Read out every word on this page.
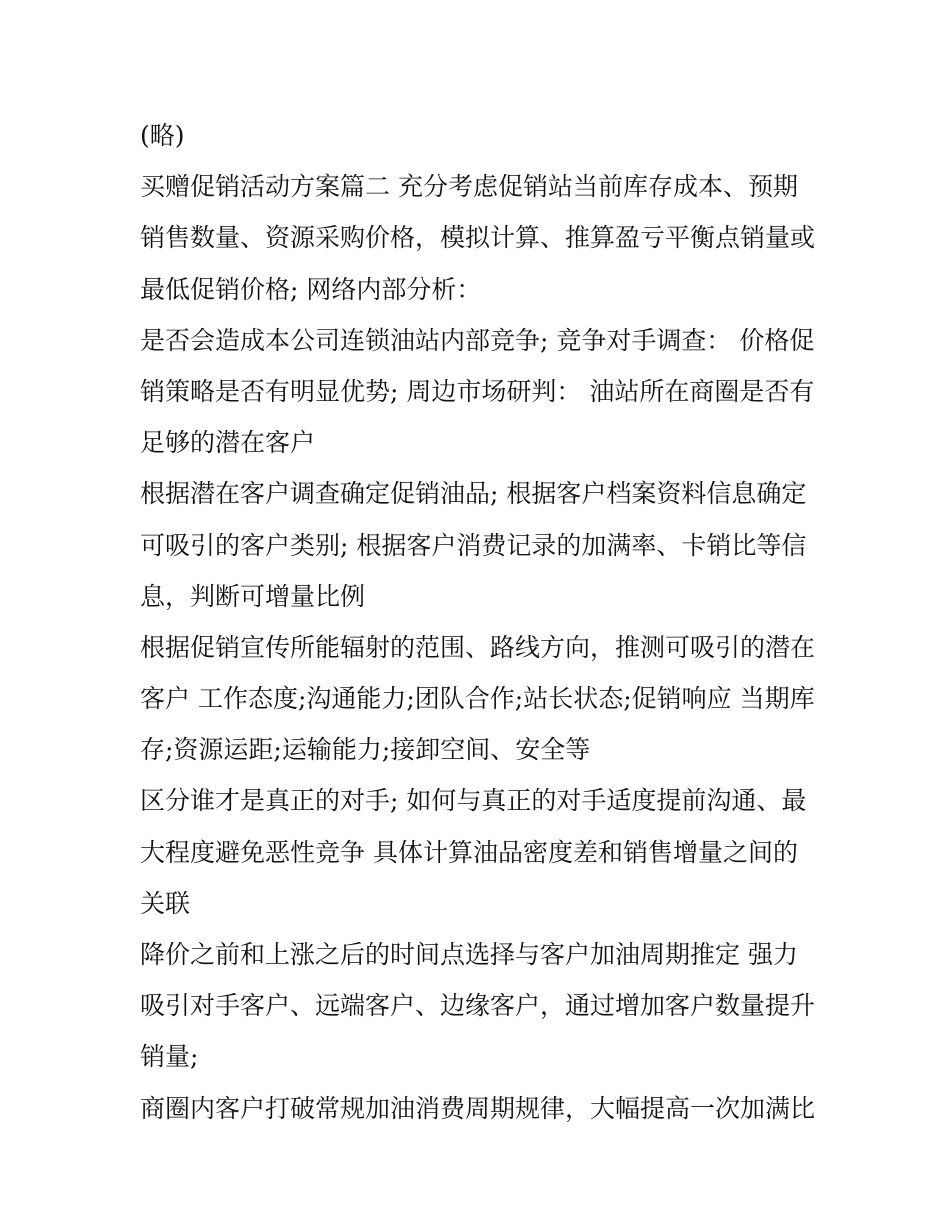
(略)
买赠促销活动方案篇二 充分考虑促销站当前库存成本、预期
销售数量、资源采购价格，模拟计算、推算盈亏平衡点销量或
最低促销价格; 网络内部分析：
是否会造成本公司连锁油站内部竞争; 竞争对手调查： 价格促
销策略是否有明显优势; 周边市场研判： 油站所在商圈是否有
足够的潜在客户
根据潜在客户调查确定促销油品; 根据客户档案资料信息确定
可吸引的客户类别; 根据客户消费记录的加满率、卡销比等信
息，判断可增量比例
根据促销宣传所能辐射的范围、路线方向，推测可吸引的潜在
客户 工作态度;沟通能力;团队合作;站长状态;促销响应 当期库
存;资源运距;运输能力;接卸空间、安全等
区分谁才是真正的对手; 如何与真正的对手适度提前沟通、最
大程度避免恶性竞争 具体计算油品密度差和销售增量之间的
关联
降价之前和上涨之后的时间点选择与客户加油周期推定 强力
吸引对手客户、远端客户、边缘客户，通过增加客户数量提升
销量;
商圈内客户打破常规加油消费周期规律，大幅提高一次加满比
